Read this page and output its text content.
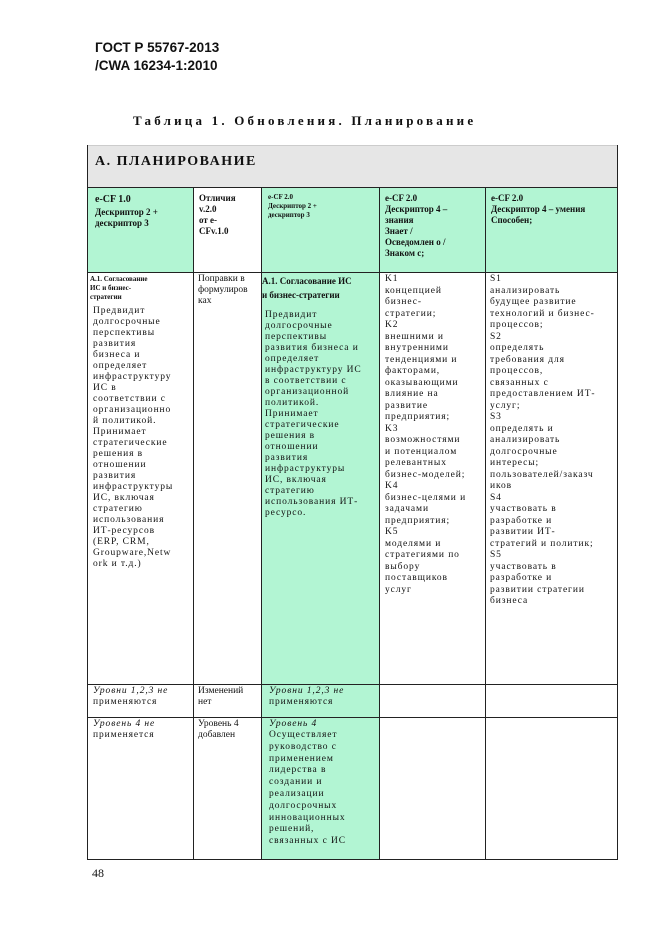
ГОСТ Р 55767-2013
/CWA 16234-1:2010
Таблица 1. Обновления. Планирование
А. ПЛАНИРОВАНИЕ
e-CF 1.0
Дескриптор 2 +
дескриптор 3
Отличия
v.2.0
от e-
CFv.1.0
e-CF 2.0
Дескриптор 2 +
дескриптор 3
e-CF 2.0
Дескриптор 4 –
знания
Знает /
Осведомлен о /
Знаком с;
e-CF 2.0
Дескриптор 4 – умения
Способен;
А.1. Согласование
ИС и бизнес-
стратегии
Предвидит
долгосрочные
перспективы
развития
бизнеса и
определяет
инфраструктуру
ИС в
соответствии с
организационно
й политикой.
Принимает
стратегические
решения в
отношении
развития
инфраструктуры
ИС, включая
стратегию
использования
ИТ-ресурсов
(ERP, CRM,
Groupware,Netw
ork и т.д.)
Поправки в
формулиров
ках
А.1. Согласование ИС
и бизнес-стратегии
Предвидит
долгосрочные
перспективы
развития бизнеса и
определяет
инфраструктуру ИС
в соответствии с
организационной
политикой.
Принимает
стратегические
решения в
отношении
развития
инфраструктуры
ИС, включая
стратегию
использования ИТ-
ресурсо.
K1
концепцией
бизнес-
стратегии;
K2
внешними и
внутренними
тенденциями и
факторами,
оказывающими
влияние на
развитие
предприятия;
K3
возможностями
и потенциалом
релевантных
бизнес-моделей;
K4
бизнес-целями и
задачами
предприятия;
K5
моделями и
стратегиями по
выбору
поставщиков
услуг
S1
анализировать
будущее развитие
технологий и бизнес-
процессов;
S2
определять
требования для
процессов,
связанных с
предоставлением ИТ-
услуг;
S3
определять и
анализировать
долгосрочные
интересы;
пользователей/заказч
иков
S4
участвовать в
разработке и
развитии ИТ-
стратегий и политик;
S5
участвовать в
разработке и
развитии стратегии
бизнеса
Уровни 1,2,3 не
применяются
Изменений
нет
Уровни 1,2,3 не
применяются
Уровень 4 не
применяется
Уровень 4
добавлен
Уровень 4
Осуществляет
руководство с
применением
лидерства в
создании и
реализации
долгосрочных
инновационных
решений,
связанных с ИС
48
